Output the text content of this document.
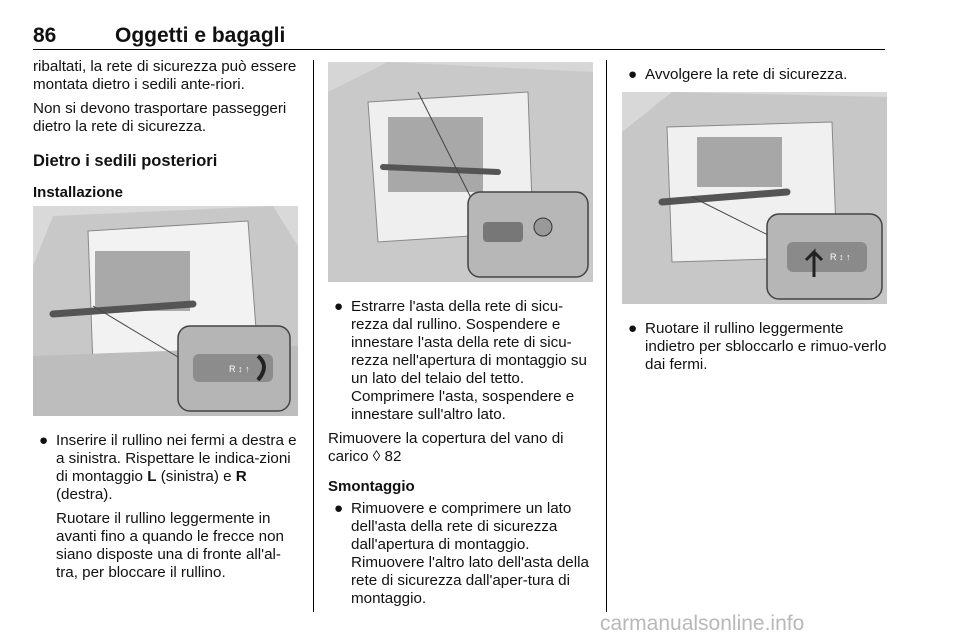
86	Oggetti e bagagli

ribaltati, la rete di sicurezza può essere montata dietro i sedili ante-riori.

Non si devono trasportare passeggeri dietro la rete di sicurezza.

Dietro i sedili posteriori
Installazione
R ↕ ↑
● Inserire il rullino nei fermi a destra e a sinistra. Rispettare le indica-zioni di montaggio L (sinistra) e R (destra).

Ruotare il rullino leggermente in avanti fino a quando le frecce non siano disposte una di fronte all'al-tra, per bloccare il rullino.

● Estrarre l'asta della rete di sicu-rezza dal rullino. Sospendere e innestare l'asta della rete di sicu-rezza nell'apertura di montaggio su un lato del telaio del tetto. Comprimere l'asta, sospendere e innestare sull'altro lato.

Rimuovere la copertura del vano di carico ◊ 82

Smontaggio
● Rimuovere e comprimere un lato dell'asta della rete di sicurezza dall'apertura di montaggio. Rimuovere l'altro lato dell'asta della rete di sicurezza dall'aper-tura di montaggio.
● Avvolgere la rete di sicurezza.
R ↕ ↑
● Ruotare il rullino leggermente indietro per sbloccarlo e rimuo-verlo dai fermi.
carmanualsonline.info
